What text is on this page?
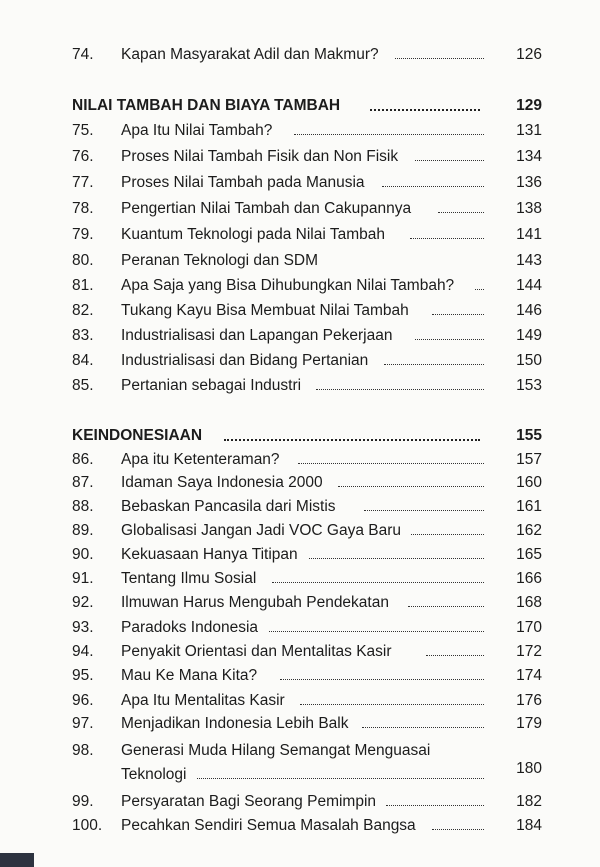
74. Kapan Masyarakat Adil dan Makmur?	126
NILAI TAMBAH DAN BIAYA TAMBAH	129
75. Apa Itu Nilai Tambah?	131
76. Proses Nilai Tambah Fisik dan Non Fisik	134
77. Proses Nilai Tambah pada Manusia	136
78. Pengertian Nilai Tambah dan Cakupannya	138
79. Kuantum Teknologi pada Nilai Tambah	141
80. Peranan Teknologi dan SDM	143
81. Apa Saja yang Bisa Dihubungkan Nilai Tambah?	144
82. Tukang Kayu Bisa Membuat Nilai Tambah	146
83. Industrialisasi dan Lapangan Pekerjaan	149
84. Industrialisasi dan Bidang Pertanian	150
85. Pertanian sebagai Industri	153
KEINDONESIAAN	155
86. Apa itu Ketenteraman?	157
87. Idaman Saya Indonesia 2000	160
88. Bebaskan Pancasila dari Mistis	161
89. Globalisasi Jangan Jadi VOC Gaya Baru	162
90. Kekuasaan Hanya Titipan	165
91. Tentang Ilmu Sosial	166
92. Ilmuwan Harus Mengubah Pendekatan	168
93. Paradoks Indonesia	170
94. Penyakit Orientasi dan Mentalitas Kasir	172
95. Mau Ke Mana Kita?	174
96. Apa Itu Mentalitas Kasir	176
97. Menjadikan Indonesia Lebih Balk	179
98. Generasi Muda Hilang Semangat Menguasai
Teknologi	180
99. Persyaratan Bagi Seorang Pemimpin	182
100. Pecahkan Sendiri Semua Masalah Bangsa	184
